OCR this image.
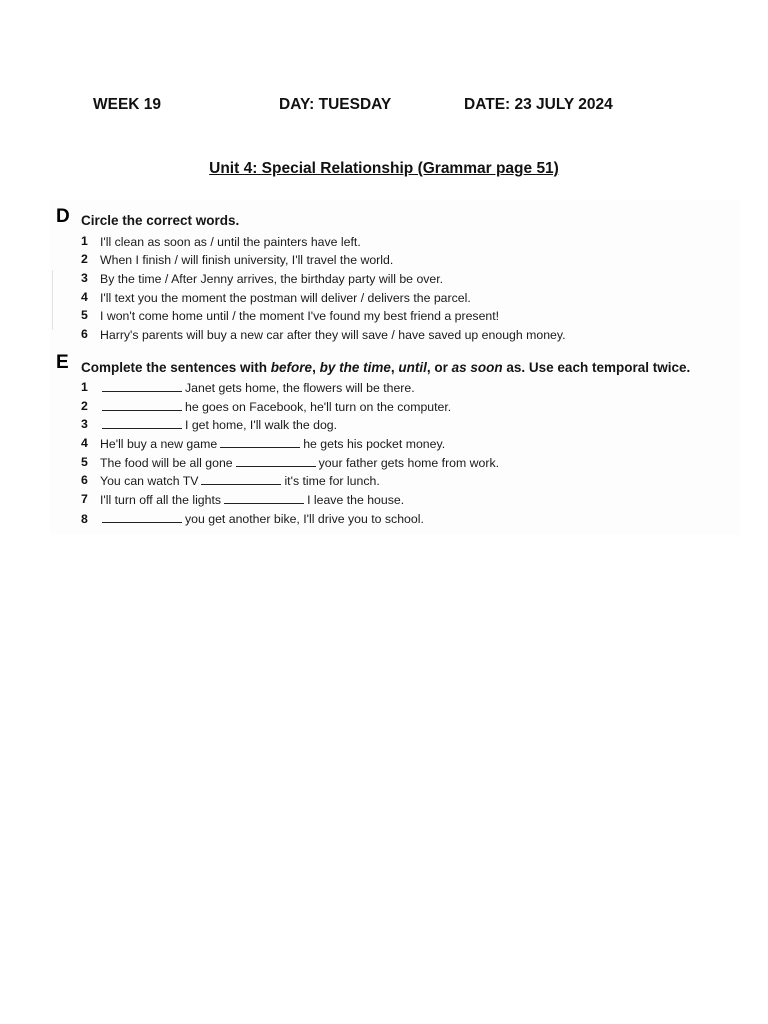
WEEK 19	DAY: TUESDAY	DATE: 23 JULY 2024
Unit 4: Special Relationship (Grammar page 51)
D Circle the correct words.
1 I'll clean as soon as / until the painters have left.
2 When I finish / will finish university, I'll travel the world.
3 By the time / After Jenny arrives, the birthday party will be over.
4 I'll text you the moment the postman will deliver / delivers the parcel.
5 I won't come home until / the moment I've found my best friend a present!
6 Harry's parents will buy a new car after they will save / have saved up enough money.
E Complete the sentences with before, by the time, until, or as soon as. Use each temporal twice.
1	Janet gets home, the flowers will be there.
2	he goes on Facebook, he'll turn on the computer.
3	I get home, I'll walk the dog.
4 He'll buy a new game	he gets his pocket money.
5 The food will be all gone	your father gets home from work.
6 You can watch TV	it's time for lunch.
7 I'll turn off all the lights	I leave the house.
8	you get another bike, I'll drive you to school.
